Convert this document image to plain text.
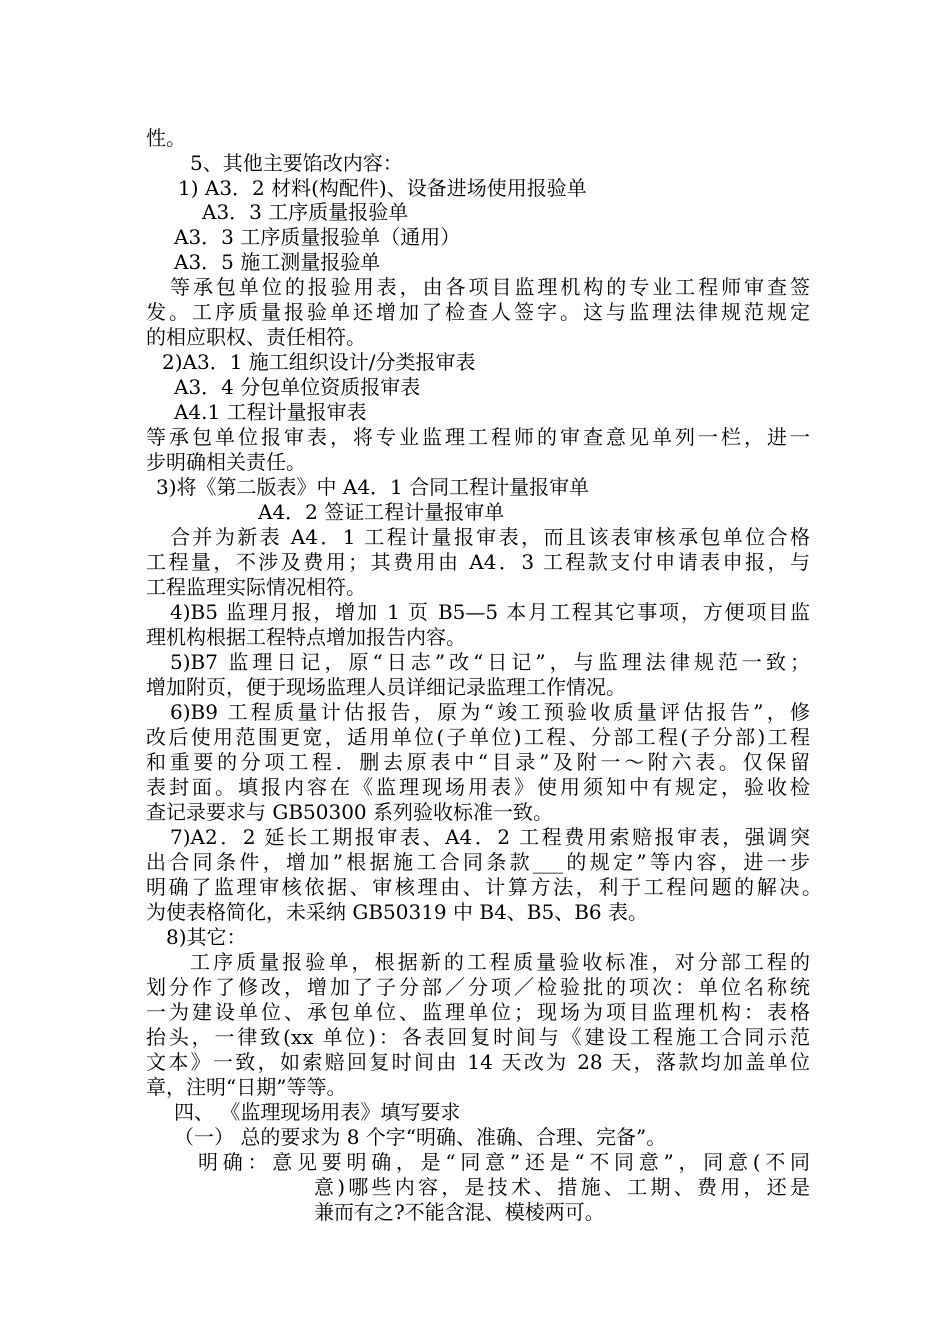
性。
5、其他主要馅改内容：
1) A3．2 材料(构配件)、设备进场使用报验单
A3．3 工序质量报验单
A3．3 工序质量报验单（通用）
A3．5 施工测量报验单
等承包单位的报验用表，由各项目监理机构的专业工程师审查签
发。工序质量报验单还增加了检查人签字。这与监理法律规范规定
的相应职权、责任相符。
2)A3．1 施工组织设计/分类报审表
A3．4 分包单位资质报审表
A4.1 工程计量报审表
等承包单位报审表，将专业监理工程师的审查意见单列一栏，进一
步明确相关责任。
3)将《第二版表》中 A4．1 合同工程计量报审单
A4．2 签证工程计量报审单
合并为新表 A4．1 工程计量报审表，而且该表审核承包单位合格
工程量，不涉及费用；其费用由 A4．3 工程款支付申请表申报，与
工程监理实际情况相符。
4)B5 监理月报，增加 1 页 B5—5 本月工程其它事项，方便项目监
理机构根据工程特点增加报告内容。
5)B7 监理日记，原“日志”改“日记”，与监理法律规范一致；
增加附页，便于现场监理人员详细记录监理工作情况。
6)B9 工程质量计估报告，原为“竣工预验收质量评估报告”，修
改后使用范围更宽，适用单位(子单位)工程、分部工程(子分部)工程
和重要的分项工程．删去原表中“目录”及附一～附六表。仅保留
表封面。填报内容在《监理现场用表》使用须知中有规定，验收检
查记录要求与 GB50300 系列验收标准一致。
7)A2．2 延长工期报审表、A4．2 工程费用索赔报审表，强调突
出合同条件，增加”根据施工合同条款___的规定”等内容，进一步
明确了监理审核依据、审核理由、计算方法，利于工程问题的解决。
为使表格简化，未采纳 GB50319 中 B4、B5、B6 表。
8)其它：
工序质量报验单，根据新的工程质量验收标准，对分部工程的
划分作了修改，增加了子分部／分项／检验批的项次：单位名称统
一为建设单位、承包单位、监理单位；现场为项目监理机构：表格
抬头，一律致(xx 单位)：各表回复时间与《建设工程施工合同示范
文本》一致，如索赔回复时间由 14 天改为 28 天，落款均加盖单位
章，注明“日期”等等。
四、 《监理现场用表》填写要求
（一） 总的要求为 8 个字“明确、准确、合理、完备”。
明确：意见要明确，是“同意”还是“不同意”，同意(不同
意)哪些内容，是技术、措施、工期、费用，还是
兼而有之?不能含混、模棱两可。
